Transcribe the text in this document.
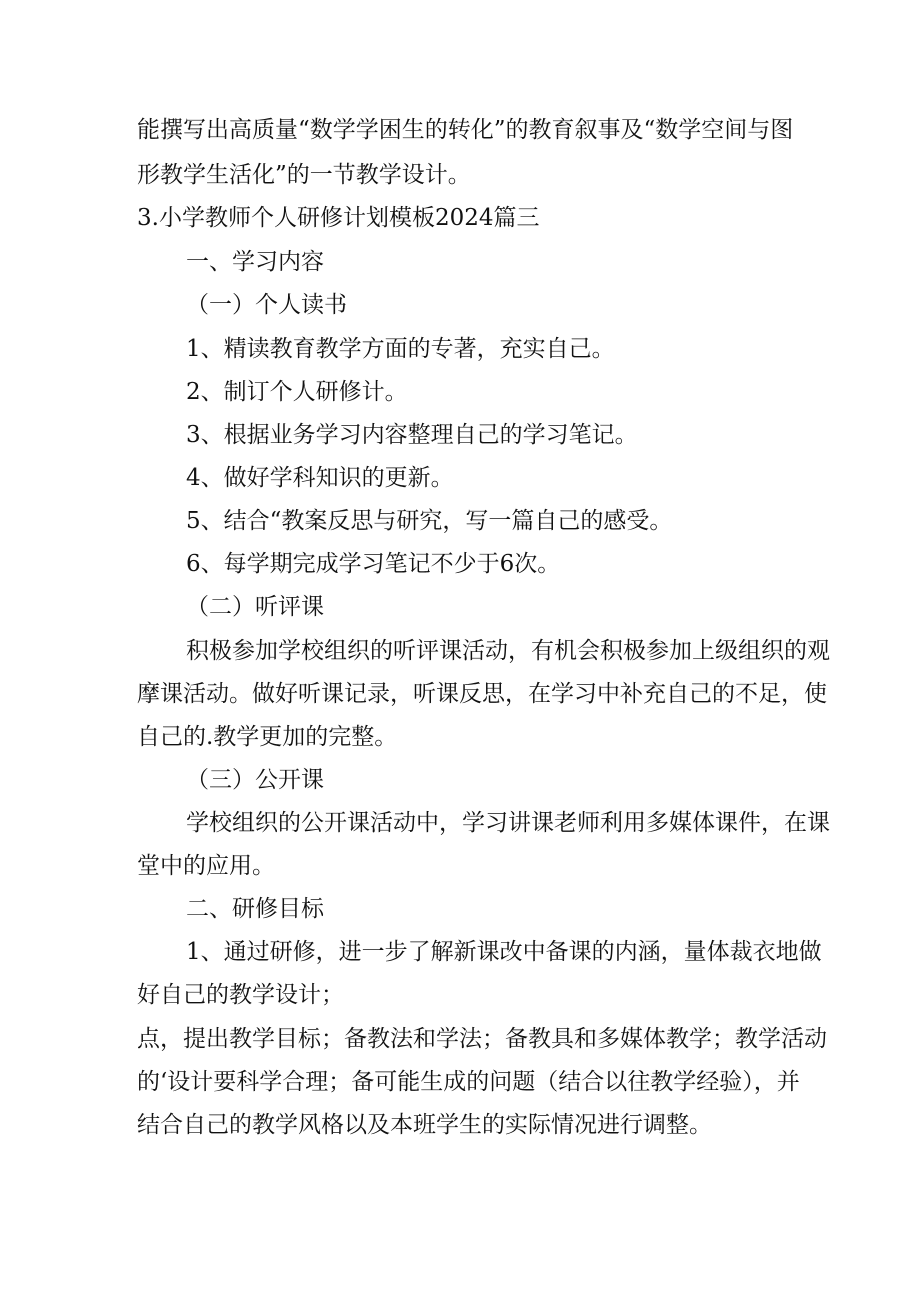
能撰写出高质量“数学学困生的转化”的教育叙事及“数学空间与图
形教学生活化”的一节教学设计。
3.小学教师个人研修计划模板2024篇三
一、学习内容
（一）个人读书
1、精读教育教学方面的专著，充实自己。
2、制订个人研修计。
3、根据业务学习内容整理自己的学习笔记。
4、做好学科知识的更新。
5、结合“教案反思与研究，写一篇自己的感受。
6、每学期完成学习笔记不少于6次。
（二）听评课
积极参加学校组织的听评课活动，有机会积极参加上级组织的观
摩课活动。做好听课记录，听课反思，在学习中补充自己的不足，使
自己的.教学更加的完整。
（三）公开课
学校组织的公开课活动中，学习讲课老师利用多媒体课件，在课
堂中的应用。
二、研修目标
1、通过研修，进一步了解新课改中备课的内涵，量体裁衣地做
好自己的教学设计；
点，提出教学目标；备教法和学法；备教具和多媒体教学；教学活动
的‘设计要科学合理；备可能生成的问题（结合以往教学经验），并
结合自己的教学风格以及本班学生的实际情况进行调整。
